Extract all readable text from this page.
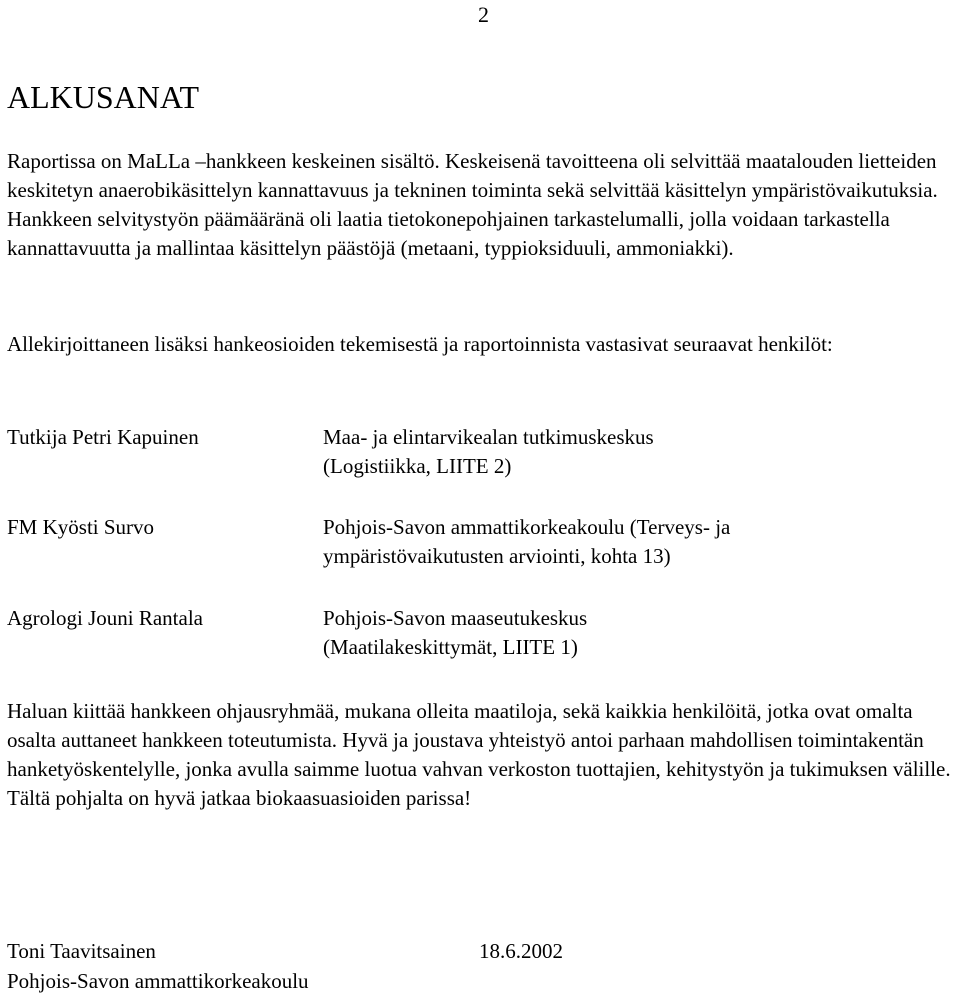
2
ALKUSANAT

Raportissa on MaLLa –hankkeen keskeinen sisältö. Keskeisenä tavoitteena oli selvittää maatalouden lietteiden keskitetyn anaerobikäsittelyn kannattavuus ja tekninen toiminta sekä selvittää käsittelyn ympäristövaikutuksia. Hankkeen selvitystyön päämääränä oli laatia tietokonepohjainen tarkastelumalli, jolla voidaan tarkastella kannattavuutta ja mallintaa käsittelyn päästöjä (metaani, typpioksiduuli, ammoniakki).

Allekirjoittaneen lisäksi hankeosioiden tekemisestä ja raportoinnista vastasivat seuraavat henkilöt:

Tutkija Petri Kapuinen	Maa- ja elintarvikealan tutkimuskeskus
(Logistiikka, LIITE 2)
FM Kyösti Survo	Pohjois-Savon ammattikorkeakoulu (Terveys- ja
ympäristövaikutusten arviointi, kohta 13)
Agrologi Jouni Rantala	Pohjois-Savon maaseutukeskus
(Maatilakeskittymät, LIITE 1)

Haluan kiittää hankkeen ohjausryhmää, mukana olleita maatiloja, sekä kaikkia henkilöitä, jotka ovat omalta osalta auttaneet hankkeen toteutumista. Hyvä ja joustava yhteistyö antoi parhaan mahdollisen toimintakentän hanketyöskentelylle, jonka avulla saimme luotua vahvan verkoston tuottajien, kehitystyön ja tukimuksen välille. Tältä pohjalta on hyvä jatkaa biokaasuasioiden parissa!

Toni Taavitsainen	18.6.2002
Pohjois-Savon ammattikorkeakoulu
